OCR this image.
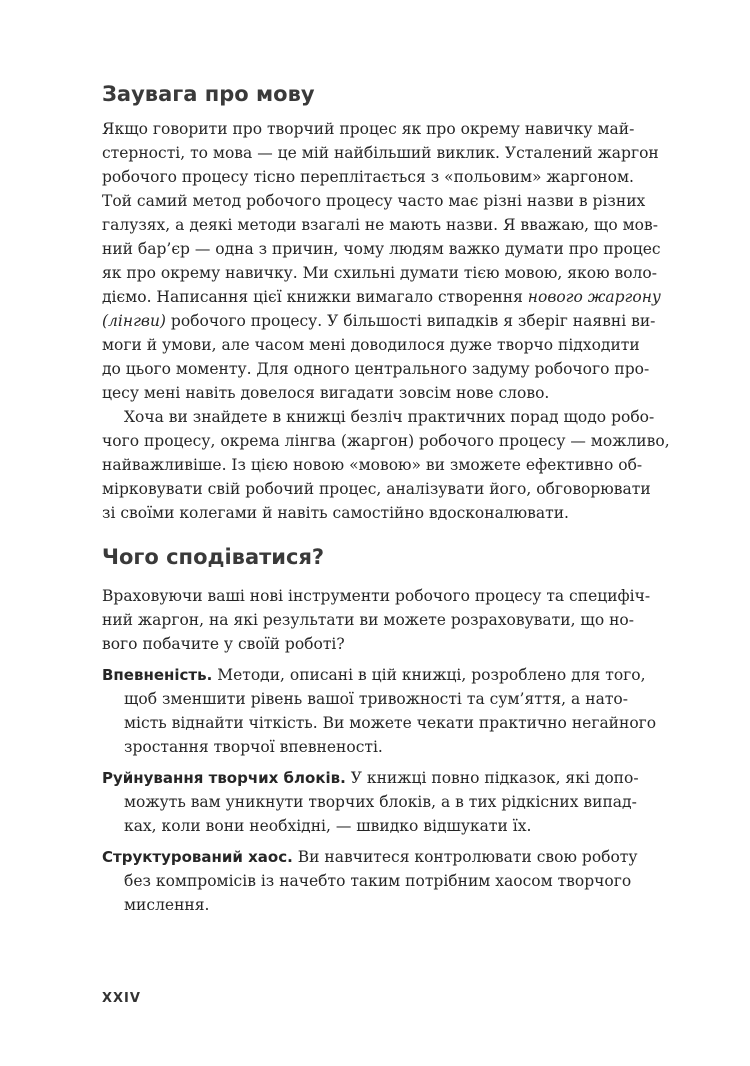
Заувага про мову
Якщо говорити про творчий процес як про окрему навичку май-
стерності, то мова — це мій найбільший виклик. Усталений жаргон
робочого процесу тісно переплітається з «польовим» жаргоном.
Той самий метод робочого процесу часто має різні назви в різних
галузях, а деякі методи взагалі не мають назви. Я вважаю, що мов-
ний бар’єр — одна з причин, чому людям важко думати про процес
як про окрему навичку. Ми схильні думати тією мовою, якою воло-
діємо. Написання цієї книжки вимагало створення нового жаргону
(лінгви) робочого процесу. У більшості випадків я зберіг наявні ви-
моги й умови, але часом мені доводилося дуже творчо підходити
до цього моменту. Для одного центрального задуму робочого про-
цесу мені навіть довелося вигадати зовсім нове слово.
Хоча ви знайдете в книжці безліч практичних порад щодо робо-
чого процесу, окрема лінгва (жаргон) робочого процесу — можливо,
найважливіше. Із цією новою «мовою» ви зможете ефективно об-
мірковувати свій робочий процес, аналізувати його, обговорювати
зі своїми колегами й навіть самостійно вдосконалювати.
Чого сподіватися?
Враховуючи ваші нові інструменти робочого процесу та специфіч-
ний жаргон, на які результати ви можете розраховувати, що но-
вого побачите у своїй роботі?
Впевненість. Методи, описані в цій книжці, розроблено для того,
щоб зменшити рівень вашої тривожності та сум’яття, а нато-
мість віднайти чіткість. Ви можете чекати практично негайного
зростання творчої впевненості.
Руйнування творчих блоків. У книжці повно підказок, які допо-
можуть вам уникнути творчих блоків, а в тих рідкісних випад-
ках, коли вони необхідні, — швидко відшукати їх.
Структурований хаос. Ви навчитеся контролювати свою роботу
без компромісів із начебто таким потрібним хаосом творчого
мислення.
XXIV
